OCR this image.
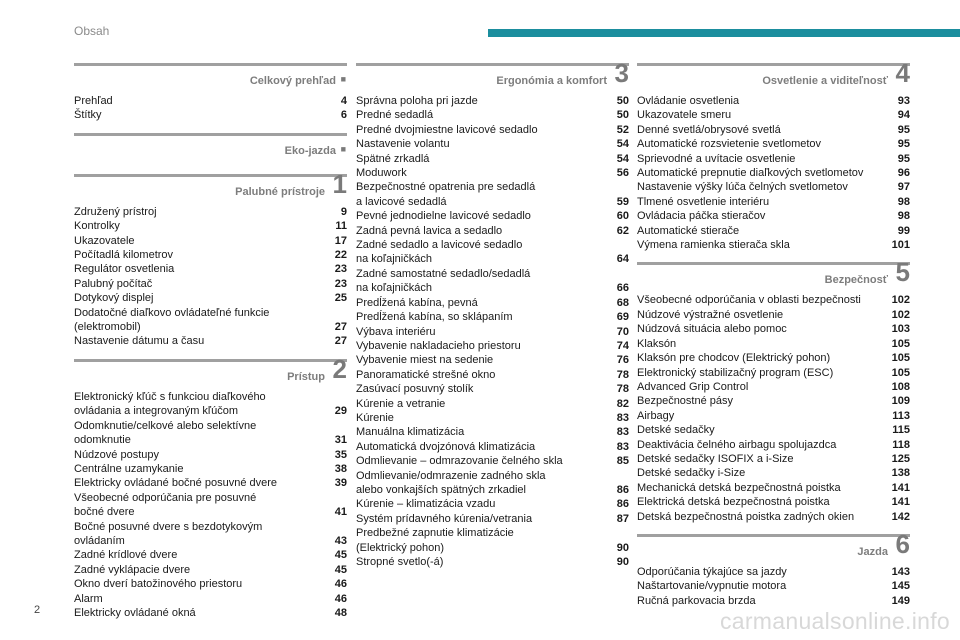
Obsah
Celkový prehľad ■
Prehľad	4
Štítky	6
Eko-jazda ■
Palubné prístroje 1
Združený prístroj	9
Kontrolky	11
Ukazovatele	17
Počítadlá kilometrov	22
Regulátor osvetlenia	23
Palubný počítač	23
Dotykový displej	25
Dodatočné diaľkovo ovládateľné funkcie
(elektromobil)	27
Nastavenie dátumu a času	27
Prístup 2
Elektronický kľúč s funkciou diaľkového
ovládania a integrovaným kľúčom	29
Odomknutie/celkové alebo selektívne
odomknutie	31
Núdzové postupy	35
Centrálne uzamykanie	38
Elektricky ovládané bočné posuvné dvere	39
Všeobecné odporúčania pre posuvné
bočné dvere	41
Bočné posuvné dvere s bezdotykovým
ovládaním	43
Zadné krídlové dvere	45
Zadné vyklápacie dvere	45
Okno dverí batožinového priestoru	46
Alarm	46
Elektricky ovládané okná	48
Ergonómia a komfort 3
Správna poloha pri jazde	50
Predné sedadlá	50
Predné dvojmiestne lavicové sedadlo	52
Nastavenie volantu	54
Spätné zrkadlá	54
Moduwork	56
Bezpečnostné opatrenia pre sedadlá
a lavicové sedadlá	59
Pevné jednodielne lavicové sedadlo	60
Zadná pevná lavica a sedadlo	62
Zadné sedadlo a lavicové sedadlo
na koľajničkách	64
Zadné samostatné sedadlo/sedadlá
na koľajničkách	66
Predĺžená kabína, pevná	68
Predĺžená kabína, so sklápaním	69
Výbava interiéru	70
Vybavenie nakladacieho priestoru	74
Vybavenie miest na sedenie	76
Panoramatické strešné okno	78
Zasúvací posuvný stolík	78
Kúrenie a vetranie	82
Kúrenie	83
Manuálna klimatizácia	83
Automatická dvojzónová klimatizácia	83
Odmlievanie – odmrazovanie čelného skla	85
Odmlievanie/odmrazenie zadného skla
alebo vonkajších spätných zrkadiel	86
Kúrenie – klimatizácia vzadu	86
Systém prídavného kúrenia/vetrania	87
Predbežné zapnutie klimatizácie
(Elektrický pohon)	90
Stropné svetlo(-á)	90
Osvetlenie a viditeľnosť 4
Ovládanie osvetlenia	93
Ukazovatele smeru	94
Denné svetlá/obrysové svetlá	95
Automatické rozsvietenie svetlometov	95
Sprievodné a uvítacie osvetlenie	95
Automatické prepnutie diaľkových svetlometov	96
Nastavenie výšky lúča čelných svetlometov	97
Tlmené osvetlenie interiéru	98
Ovládacia páčka stieračov	98
Automatické stierače	99
Výmena ramienka stierača skla	101
Bezpečnosť 5
Všeobecné odporúčania v oblasti bezpečnosti	102
Núdzové výstražné osvetlenie	102
Núdzová situácia alebo pomoc	103
Klaksón	105
Klaksón pre chodcov (Elektrický pohon)	105
Elektronický stabilizačný program (ESC)	105
Advanced Grip Control	108
Bezpečnostné pásy	109
Airbagy	113
Detské sedačky	115
Deaktivácia čelného airbagu spolujazdca	118
Detské sedačky ISOFIX a i-Size	125
Detské sedačky i-Size	138
Mechanická detská bezpečnostná poistka	141
Elektrická detská bezpečnostná poistka	141
Detská bezpečnostná poistka zadných okien	142
Jazda 6
Odporúčania týkajúce sa jazdy	143
Naštartovanie/vypnutie motora	145
Ručná parkovacia brzda	149
2	carmanualsonline.info
